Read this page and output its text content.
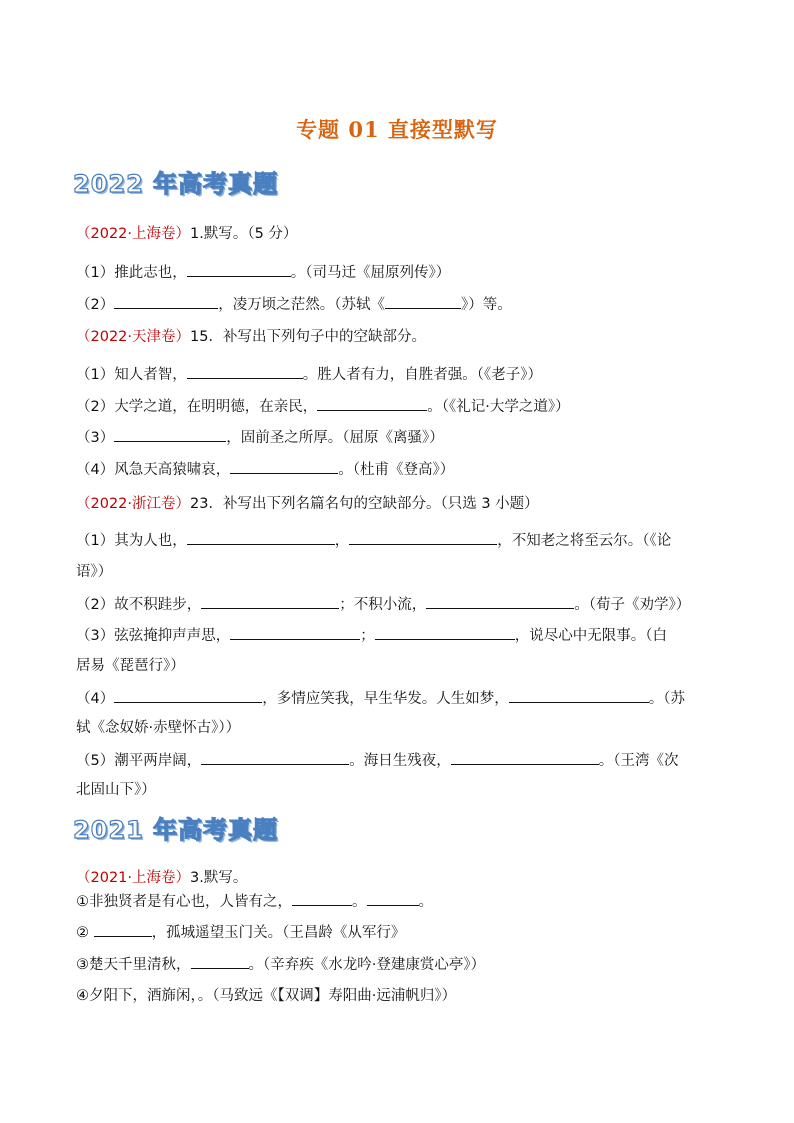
专题 01 直接型默写
2022 年高考真题
（2022·上海卷）1.默写。（5 分）
（1）推此志也，	。（司马迁《屈原列传》）
（2）	，凌万顷之茫然。（苏轼《	》）等。
（2022·天津卷）15．补写出下列句子中的空缺部分。
（1）知人者智，	。胜人者有力，自胜者强。（《老子》）
（2）大学之道，在明明德，在亲民，	。（《礼记·大学之道》）
（3）	，固前圣之所厚。（屈原《离骚》）
（4）风急天高猿啸哀，	。（杜甫《登高》）
（2022·浙江卷）23．补写出下列名篇名句的空缺部分。（只选 3 小题）
（1）其为人也，	，	，不知老之将至云尔。（《论
语》）
（2）故不积跬步，	；不积小流，	。（荀子《劝学》）
（3）弦弦掩抑声声思，	；	，说尽心中无限事。（白
居易《琵琶行》）
（4）	，多情应笑我，早生华发。人生如梦，	。（苏
轼《念奴娇·赤壁怀古》））
（5）潮平两岸阔，	。海日生残夜，	。（王湾《次
北固山下》）
2021 年高考真题
（2021·上海卷）3.默写。
①非独贤者是有心也，人皆有之，	。	。
②	，孤城遥望玉门关。（王昌龄《从军行》
③楚天千里清秋，	。（辛弃疾《水龙吟·登建康赏心亭》）
④夕阳下，酒旆闲，。（马致远《【双调】寿阳曲·远浦帆归》）
